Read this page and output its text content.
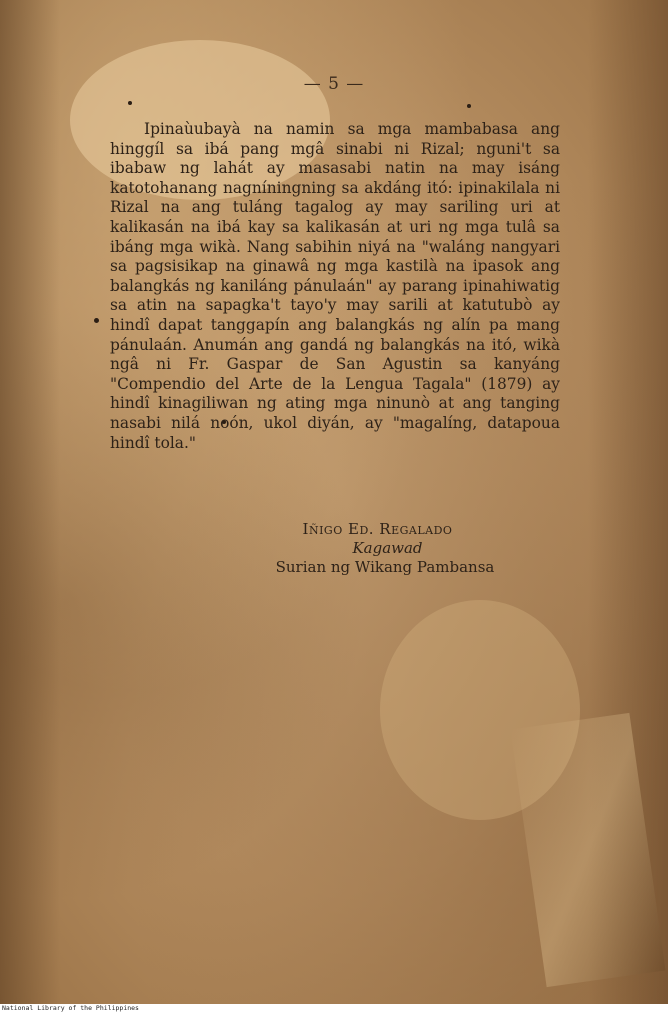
— 5 —

Ipinaùubayà na namin sa mga mambabasa ang hinggíl sa ibá pang mgâ sinabi ni Rizal; nguni't sa ibabaw ng lahát ay masasabi natin na may isáng katotohanang nagníningning sa akdáng itó: ipinakilala ni Rizal na ang tuláng tagalog ay may sariling uri at kalikasán na ibá kay sa kalikasán at uri ng mga tulâ sa ibáng mga wikà. Nang sabihin niyá na "waláng nangyari sa pagsisikap na ginawâ ng mga kastilà na ipasok ang balangkás ng kaniláng pánulaán" ay parang ipinahiwatig sa atin na sapagka't tayo'y may sarili at katutubò ay hindî dapat tanggapín ang balangkás ng alín pa mang pánulaán. Anumán ang gandá ng balangkás na itó, wikà ngâ ni Fr. Gaspar de San Agustin sa kanyáng "Compendio del Arte de la Lengua Tagala" (1879) ay hindî kinagiliwan ng ating mga ninunò at ang tanging nasabi nilá noón, ukol diyán, ay "magalíng, datapoua hindî tola."

Iñigo Ed. Regalado
Kagawad
Surian ng Wikang Pambansa
National Library of the Philippines
